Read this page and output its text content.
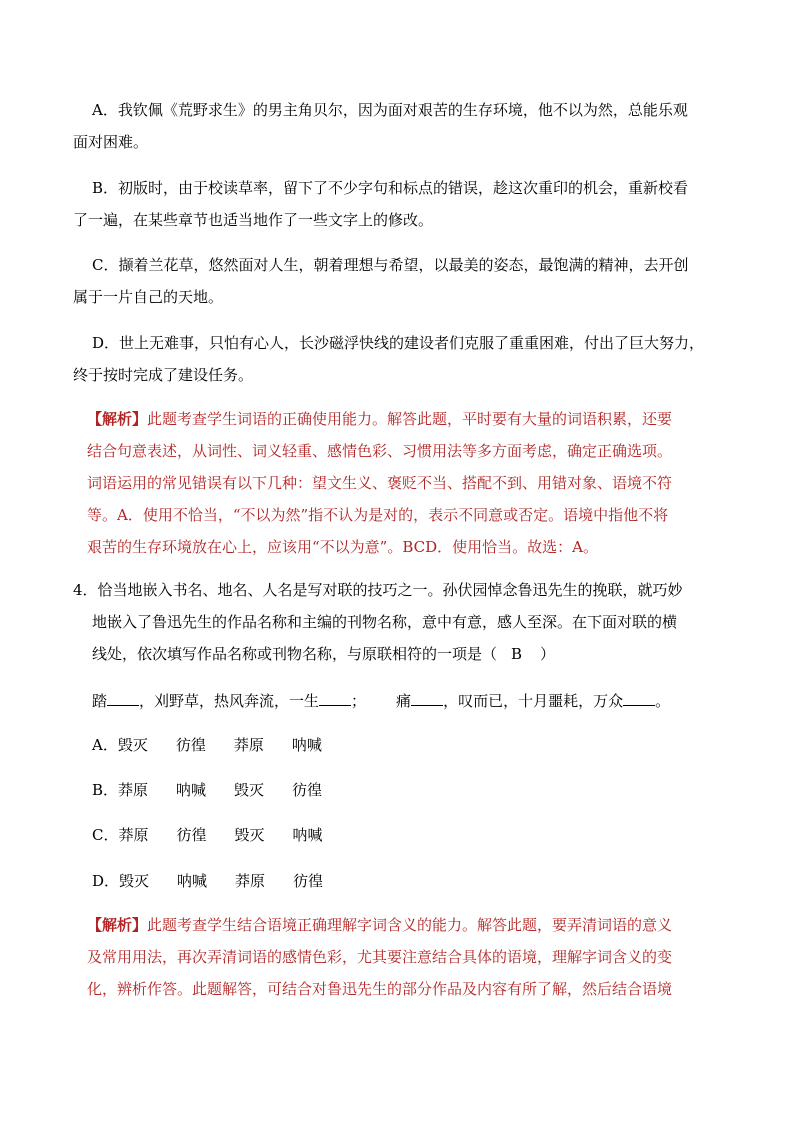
A．我钦佩《荒野求生》的男主角贝尔，因为面对艰苦的生存环境，他不以为然，总能乐观
面对困难。
B．初版时，由于校读草率，留下了不少字句和标点的错误，趁这次重印的机会，重新校看
了一遍，在某些章节也适当地作了一些文字上的修改。
C．撷着兰花草，悠然面对人生，朝着理想与希望，以最美的姿态，最饱满的精神，去开创
属于一片自己的天地。
D．世上无难事，只怕有心人，长沙磁浮快线的建设者们克服了重重困难，付出了巨大努力，
终于按时完成了建设任务。
【解析】此题考查学生词语的正确使用能力。解答此题，平时要有大量的词语积累，还要
结合句意表述，从词性、词义轻重、感情色彩、习惯用法等多方面考虑，确定正确选项。
词语运用的常见错误有以下几种：望文生义、褒贬不当、搭配不到、用错对象、语境不符
等。A．使用不恰当，“不以为然”指不认为是对的，表示不同意或否定。语境中指他不将
艰苦的生存环境放在心上，应该用“不以为意”。BCD．使用恰当。故选：A。
4．恰当地嵌入书名、地名、人名是写对联的技巧之一。孙伏园悼念鲁迅先生的挽联，就巧妙
地嵌入了鲁迅先生的作品名称和主编的刊物名称，意中有意，感人至深。在下面对联的横
线处，依次填写作品名称或刊物名称，与原联相符的一项是（ B ）
踏 ，刈野草，热风奔流，一生 ； 痛 ，叹而已，十月噩耗，万众 。
A．毁灭 彷徨 莽原 呐喊
B．莽原 呐喊 毁灭 彷徨
C．莽原 彷徨 毁灭 呐喊
D．毁灭 呐喊 莽原 彷徨
【解析】此题考查学生结合语境正确理解字词含义的能力。解答此题，要弄清词语的意义
及常用用法，再次弄清词语的感情色彩，尤其要注意结合具体的语境，理解字词含义的变
化，辨析作答。此题解答，可结合对鲁迅先生的部分作品及内容有所了解，然后结合语境
